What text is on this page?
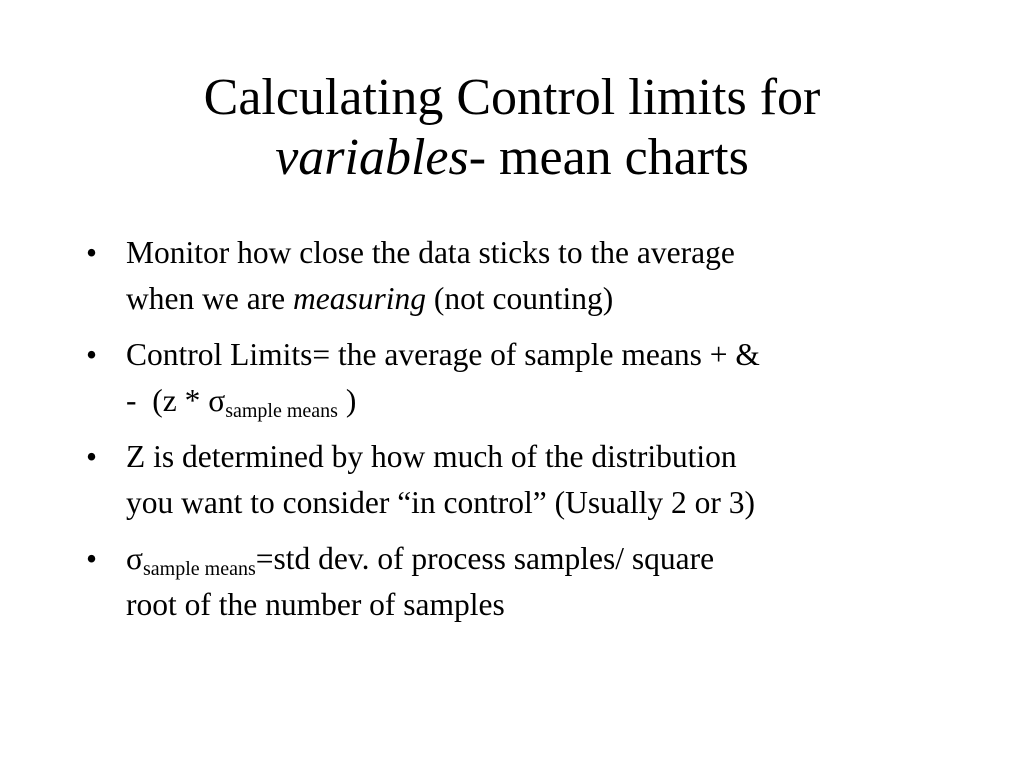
Calculating Control limits for
variables- mean charts
• Monitor how close the data sticks to the average
when we are measuring (not counting)
• Control Limits= the average of sample means + &
-  ($z * \sigma_{sample means}$ )
• Z is determined by how much of the distribution
you want to consider “in control” (Usually 2 or 3)
• $\sigma_{sample means}=std$ dev. of process samples/ square
root of the number of samples
